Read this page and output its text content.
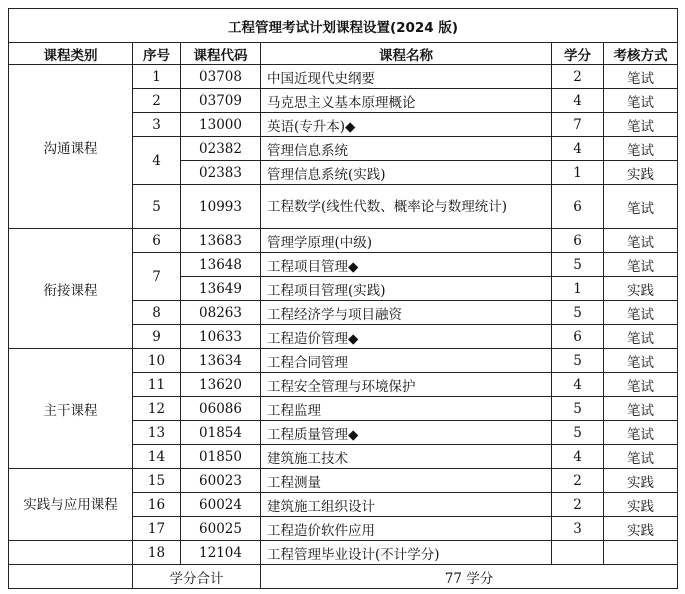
工程管理考试计划课程设置(2024 版)					
课程类别	序号	课程代码	课程名称	学分	考核方式
沟通课程	1	03708	中国近现代史纲要	2	笔试
	2	03709	马克思主义基本原理概论	4	笔试
	3	13000	英语(专升本)◆	7	笔试
	4	02382	管理信息系统	4	笔试
		02383	管理信息系统(实践)	1	实践
	5	10993	工程数学(线性代数、概率论与数理统计)	6	笔试
衔接课程	6	13683	管理学原理(中级)	6	笔试
	7	13648	工程项目管理◆	5	笔试
		13649	工程项目管理(实践)	1	实践
	8	08263	工程经济学与项目融资	5	笔试
	9	10633	工程造价管理◆	6	笔试
主干课程	10	13634	工程合同管理	5	笔试
	11	13620	工程安全管理与环境保护	4	笔试
	12	06086	工程监理	5	笔试
	13	01854	工程质量管理◆	5	笔试
	14	01850	建筑施工技术	4	笔试
实践与应用课程	15	60023	工程测量	2	实践
	16	60024	建筑施工组织设计	2	实践
	17	60025	工程造价软件应用	3	实践
	18	12104	工程管理毕业设计(不计学分)		
	学分合计		77 学分		
